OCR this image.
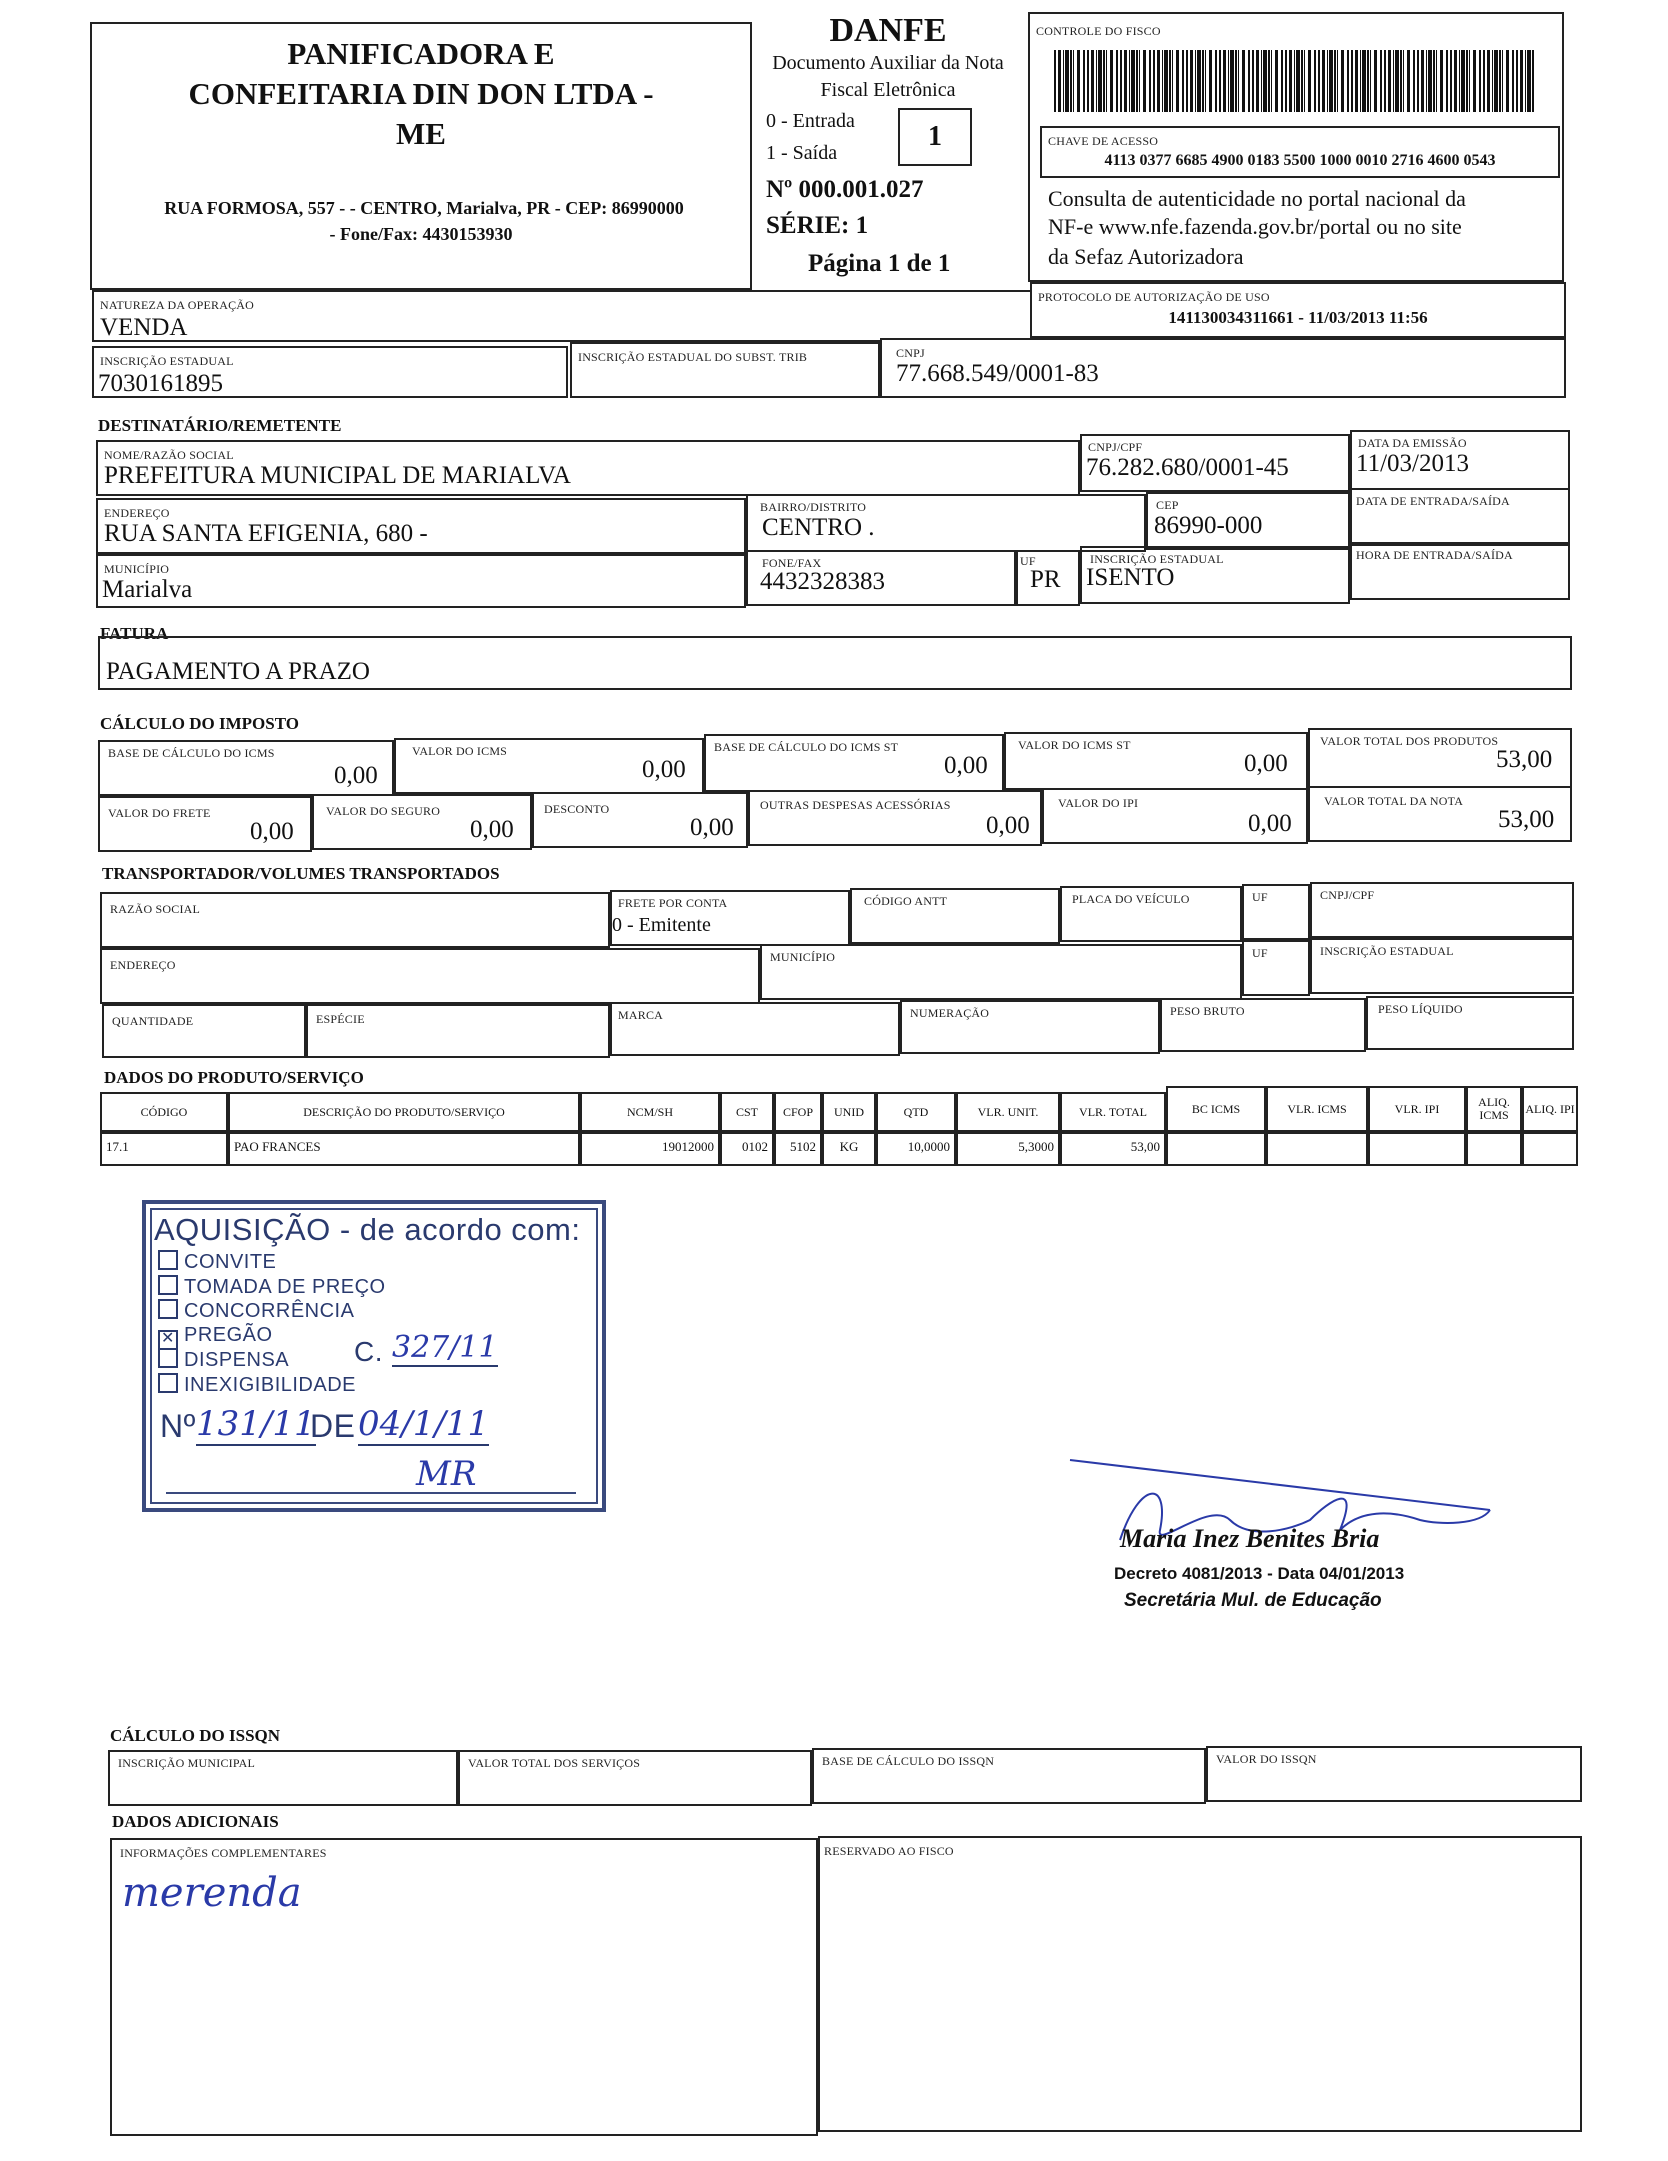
PANIFICADORA E
CONFEITARIA DIN DON LTDA -
ME
RUA FORMOSA, 557 - - CENTRO, Marialva, PR - CEP: 86990000
- Fone/Fax: 4430153930
DANFE
Documento Auxiliar da Nota
Fiscal Eletrônica
0 - Entrada
1 - Saída
1
Nº 000.001.027
SÉRIE: 1
Página 1 de 1
CONTROLE DO FISCO
CHAVE DE ACESSO
4113 0377 6685 4900 0183 5500 1000 0010 2716 4600 0543
Consulta de autenticidade no portal nacional da
NF-e www.nfe.fazenda.gov.br/portal ou no site
da Sefaz Autorizadora
NATUREZA DA OPERAÇÃO
VENDA
PROTOCOLO DE AUTORIZAÇÃO DE USO
141130034311661 - 11/03/2013 11:56
INSCRIÇÃO ESTADUAL
7030161895
INSCRIÇÃO ESTADUAL DO SUBST. TRIB	CNPJ
77.668.549/0001-83
DESTINATÁRIO/REMETENTE
NOME/RAZÃO SOCIAL
PREFEITURA MUNICIPAL DE MARIALVA
CNPJ/CPF
76.282.680/0001-45
DATA DA EMISSÃO
11/03/2013
ENDEREÇO
RUA SANTA EFIGENIA, 680 -
BAIRRO/DISTRITO
CENTRO .
CEP
86990-000
DATA DE ENTRADA/SAÍDA
MUNICÍPIO
Marialva
FONE/FAX
4432328383
UF
PR
INSCRIÇÃO ESTADUAL
ISENTO
HORA DE ENTRADA/SAÍDA
FATURA
PAGAMENTO A PRAZO
CÁLCULO DO IMPOSTO
BASE DE CÁLCULO DO ICMS
0,00
VALOR DO ICMS
0,00
BASE DE CÁLCULO DO ICMS ST
0,00
VALOR DO ICMS ST
0,00
VALOR TOTAL DOS PRODUTOS
53,00
VALOR DO FRETE
0,00
VALOR DO SEGURO
0,00
DESCONTO
0,00
OUTRAS DESPESAS ACESSÓRIAS
0,00
VALOR DO IPI
0,00
VALOR TOTAL DA NOTA
53,00
TRANSPORTADOR/VOLUMES TRANSPORTADOS
RAZÃO SOCIAL	FRETE POR CONTA
0 - Emitente
CÓDIGO ANTT	PLACA DO VEÍCULO	UF	CNPJ/CPF
ENDEREÇO
MUNICÍPIO	UF	INSCRIÇÃO ESTADUAL
QUANTIDADE	ESPÉCIE	MARCA	NUMERAÇÃO	PESO BRUTO	PESO LÍQUIDO
DADOS DO PRODUTO/SERVIÇO
CÓDIGO	DESCRIÇÃO DO PRODUTO/SERVIÇO	NCM/SH	CST	CFOP	UNID	QTD	VLR. UNIT.	VLR. TOTAL	BC ICMS	VLR. ICMS	VLR. IPI	ALIQ. ICMS	ALIQ. IPI
17.1	PAO FRANCES	19012000	0102	5102	KG	10,0000	5,3000	53,00
AQUISIÇÃO - de acordo com:
CONVITE
TOMADA DE PREÇO
CONCORRÊNCIA
✕ PREGÃO
DISPENSA
INEXIGIBILIDADE
C. 327/11
Nº 131/11
DE 04/1/11
MR
Maria Inez Benites Bria
Decreto 4081/2013 - Data 04/01/2013
Secretária Mul. de Educação
CÁLCULO DO ISSQN
INSCRIÇÃO MUNICIPAL	VALOR TOTAL DOS SERVIÇOS	BASE DE CÁLCULO DO ISSQN	VALOR DO ISSQN
DADOS ADICIONAIS
INFORMAÇÕES COMPLEMENTARES
merenda
RESERVADO AO FISCO
